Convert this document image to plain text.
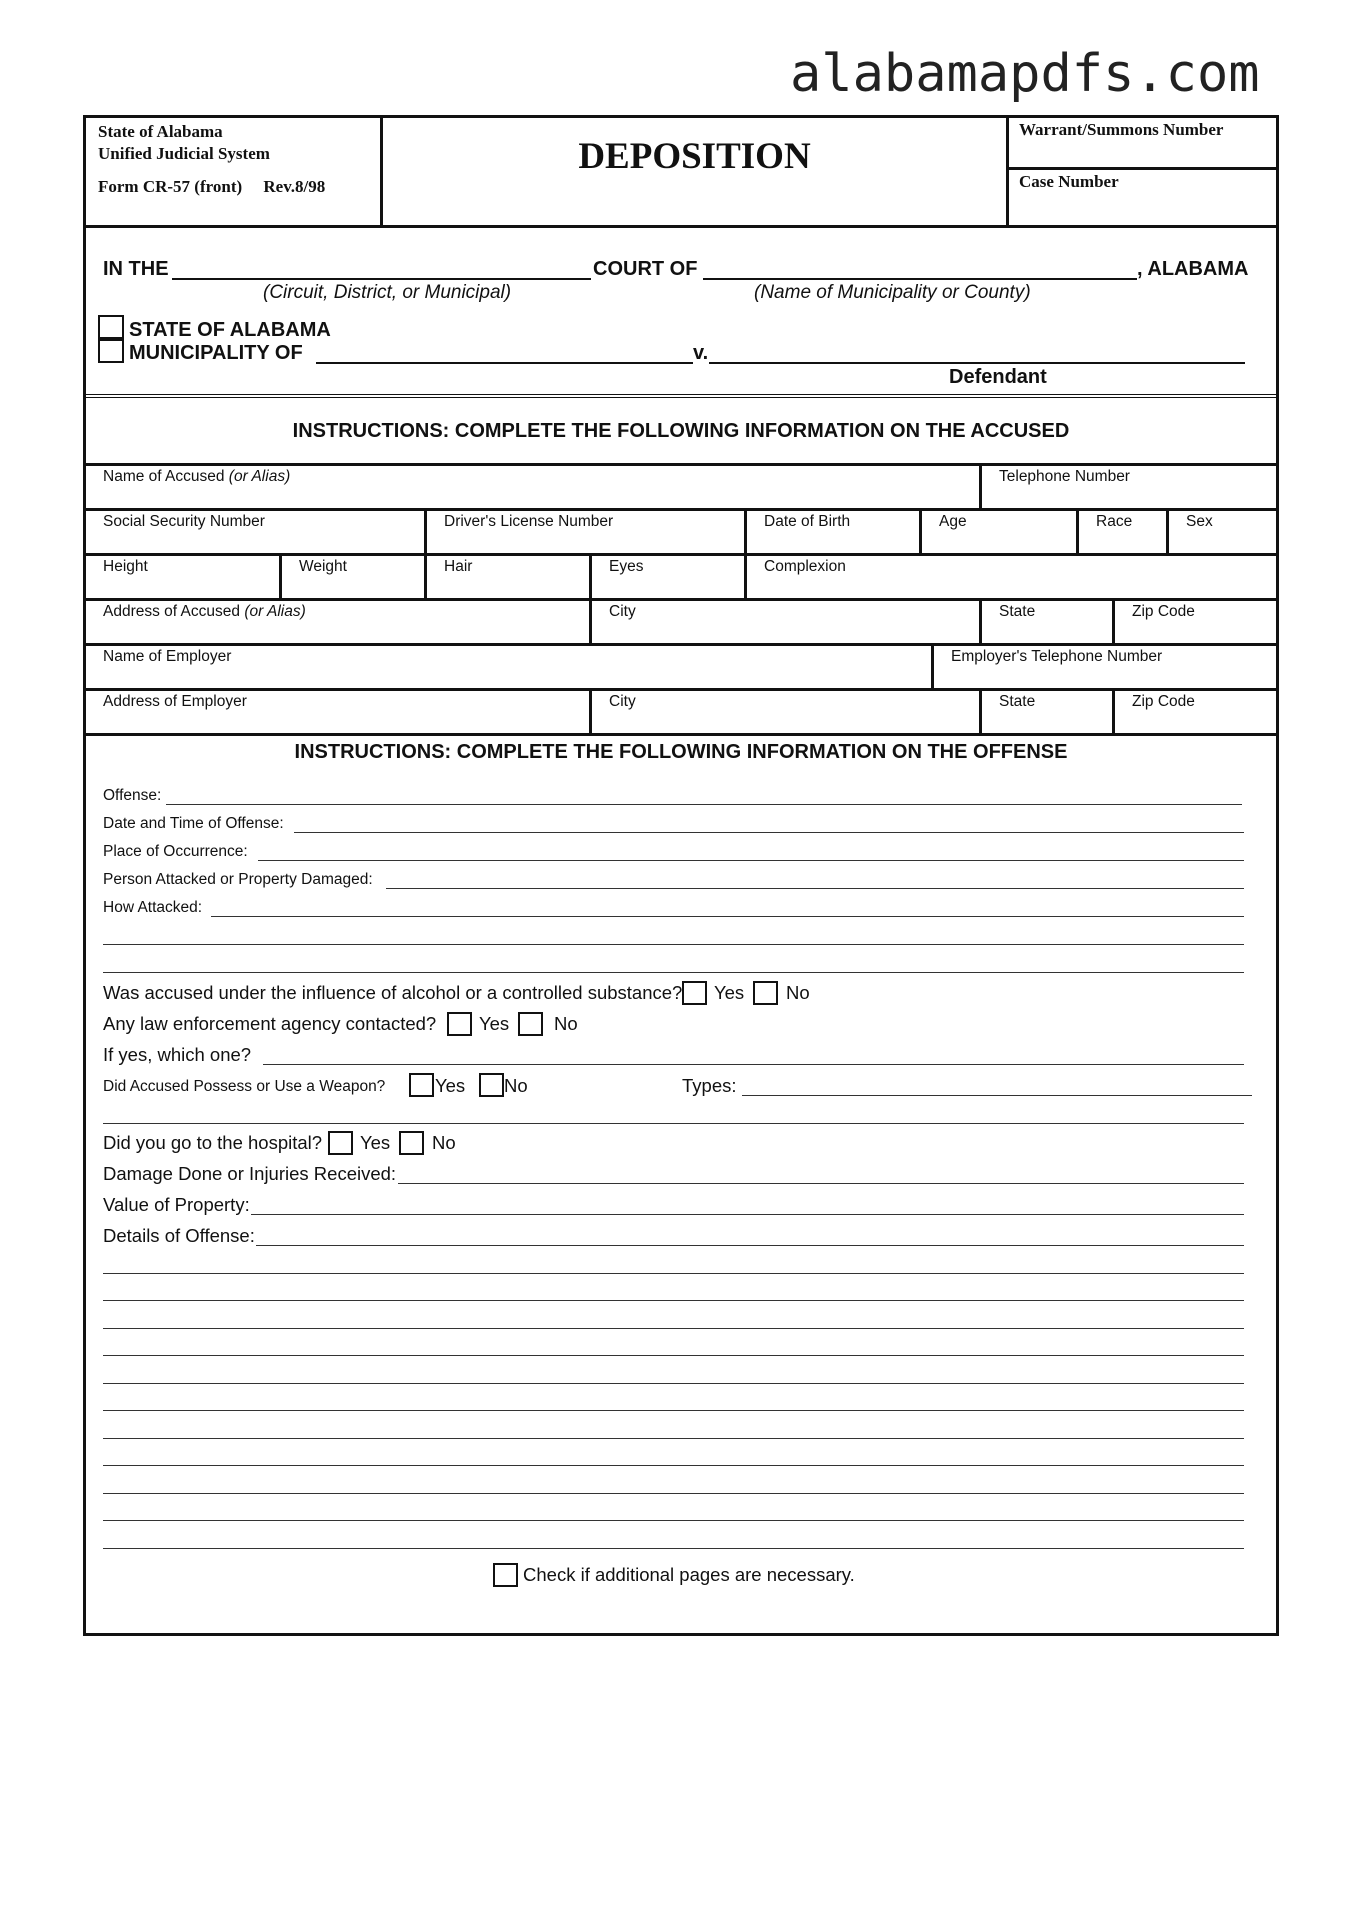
alabamapdfs.com
State of Alabama
Unified Judicial System
Form CR-57 (front) Rev.8/98
DEPOSITION
Warrant/Summons Number
Case Number
IN THE	COURT OF	, ALABAMA
(Circuit, District, or Municipal)	(Name of Municipality or County)
STATE OF ALABAMA
MUNICIPALITY OF	v.
Defendant
INSTRUCTIONS: COMPLETE THE FOLLOWING INFORMATION ON THE ACCUSED
Name of Accused (or Alias)	Telephone Number
Social Security Number	Driver's License Number	Date of Birth	Age	Race	Sex
Height	Weight	Hair	Eyes	Complexion
Address of Accused (or Alias)	City	State	Zip Code
Name of Employer	Employer's Telephone Number
Address of Employer	City	State	Zip Code
INSTRUCTIONS: COMPLETE THE FOLLOWING INFORMATION ON THE OFFENSE
Offense:
Date and Time of Offense:
Place of Occurrence:
Person Attacked or Property Damaged:
How Attacked:
Was accused under the influence of alcohol or a controlled substance? Yes No
Any law enforcement agency contacted? Yes No
If yes, which one?
Did Accused Possess or Use a Weapon?	Yes No	Types:
Did you go to the hospital? Yes No
Damage Done or Injuries Received:
Value of Property:
Details of Offense:
Check if additional pages are necessary.
